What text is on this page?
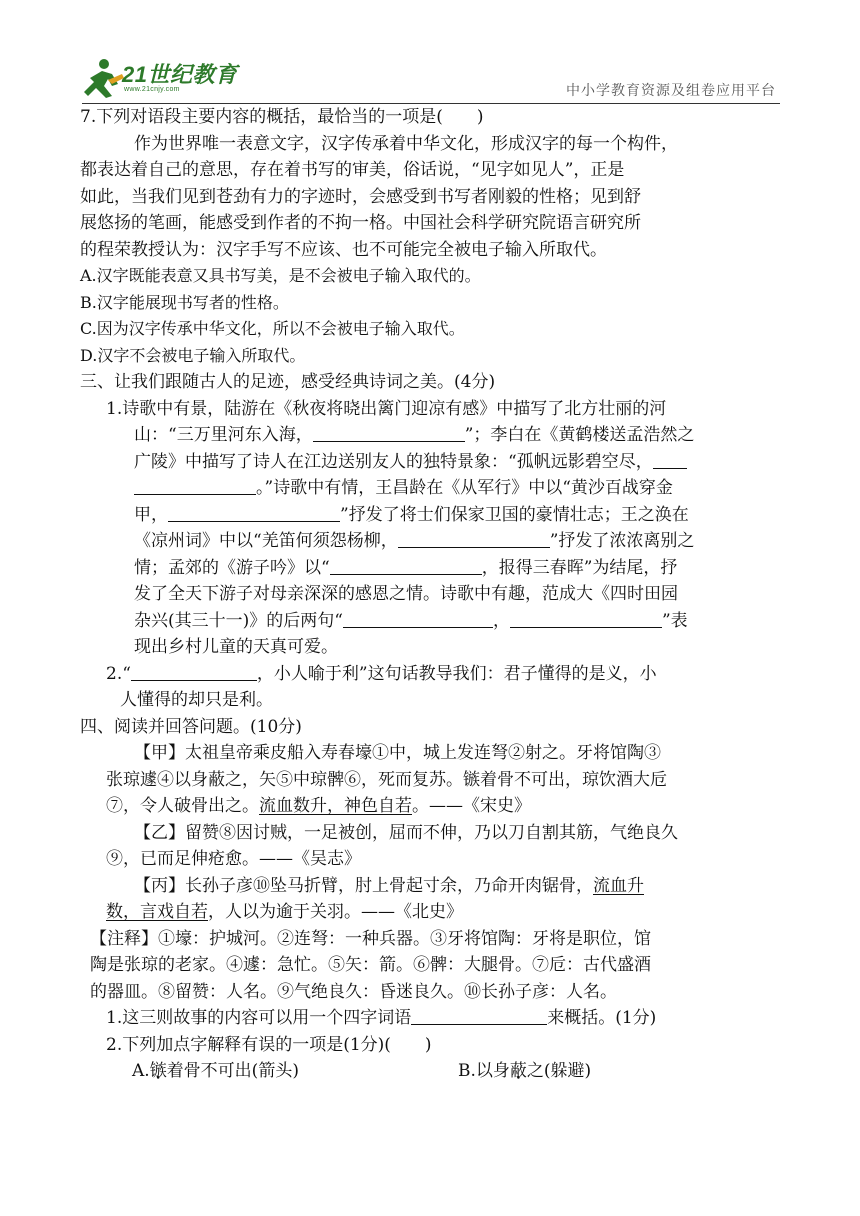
21世纪教育
www.21cnjy.com	中小学教育资源及组卷应用平台
7.下列对语段主要内容的概括，最恰当的一项是(　　)
作为世界唯一表意文字，汉字传承着中华文化，形成汉字的每一个构件，
都表达着自己的意思，存在着书写的审美，俗话说，“见字如见人”，正是
如此，当我们见到苍劲有力的字迹时，会感受到书写者刚毅的性格；见到舒
展悠扬的笔画，能感受到作者的不拘一格。中国社会科学研究院语言研究所
的程荣教授认为：汉字手写不应该、也不可能完全被电子输入所取代。
A.汉字既能表意又具书写美，是不会被电子输入取代的。
B.汉字能展现书写者的性格。
C.因为汉字传承中华文化，所以不会被电子输入取代。
D.汉字不会被电子输入所取代。
三、让我们跟随古人的足迹，感受经典诗词之美。(4分)
1.诗歌中有景，陆游在《秋夜将晓出篱门迎凉有感》中描写了北方壮丽的河
山：“三万里河东入海，	”；李白在《黄鹤楼送孟浩然之
广陵》中描写了诗人在江边送别友人的独特景象：“孤帆远影碧空尽，
。”诗歌中有情，王昌龄在《从军行》中以“黄沙百战穿金
甲，	”抒发了将士们保家卫国的豪情壮志；王之涣在
《凉州词》中以“羌笛何须怨杨柳，	”抒发了浓浓离别之
情；孟郊的《游子吟》以“	，报得三春晖”为结尾，抒
发了全天下游子对母亲深深的感恩之情。诗歌中有趣，范成大《四时田园
杂兴(其三十一)》的后两句“	，	”表
现出乡村儿童的天真可爱。
2.“	，小人喻于利”这句话教导我们：君子懂得的是义，小
人懂得的却只是利。
四、阅读并回答问题。(10分)
【甲】太祖皇帝乘皮船入寿春壕①中，城上发连弩②射之。牙将馆陶③
张琼遽④以身蔽之，矢⑤中琼髀⑥，死而复苏。镞着骨不可出，琼饮酒大卮
⑦，令人破骨出之。流血数升，神色自若。——《宋史》
【乙】留赞⑧因讨贼，一足被创，屈而不伸，乃以刀自割其筋，气绝良久
⑨，已而足伸疮愈。——《吴志》
【丙】长孙子彦⑩坠马折臂，肘上骨起寸余，乃命开肉锯骨，流血升
数，言戏自若，人以为逾于关羽。——《北史》
【注释】①壕：护城河。②连弩：一种兵器。③牙将馆陶：牙将是职位，馆
陶是张琼的老家。④遽：急忙。⑤矢：箭。⑥髀：大腿骨。⑦卮：古代盛酒
的器皿。⑧留赞：人名。⑨气绝良久：昏迷良久。⑩长孙子彦：人名。
1.这三则故事的内容可以用一个四字词语	来概括。(1分)
2.下列加点字解释有误的一项是(1分)(　　)
A.镞着骨不可出(箭头)	B.以身蔽之(躲避)
